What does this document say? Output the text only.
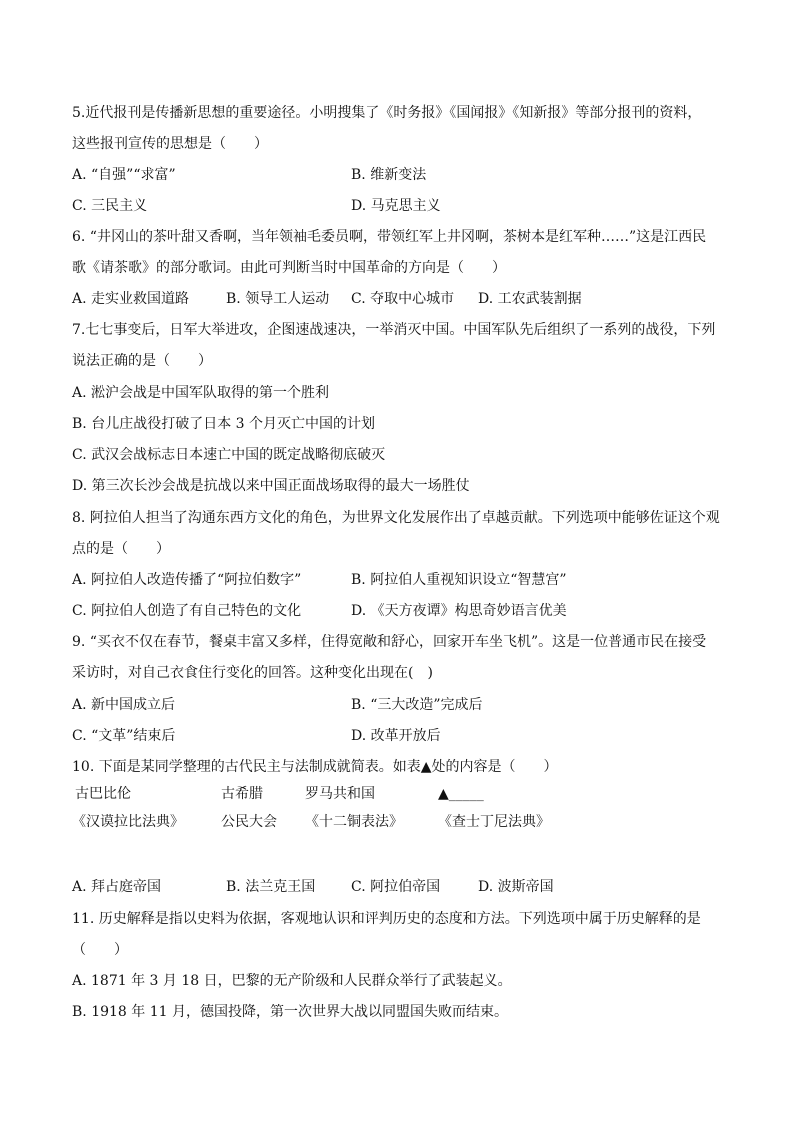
5.近代报刊是传播新思想的重要途径。小明搜集了《时务报》《国闻报》《知新报》等部分报刊的资料，
这些报刊宣传的思想是（　　）
A. “自强”“求富”	B. 维新变法
C. 三民主义	D. 马克思主义
6. “井冈山的茶叶甜又香啊，当年领袖毛委员啊，带领红军上井冈啊，茶树本是红军种……”这是江西民
歌《请茶歌》的部分歌词。由此可判断当时中国革命的方向是（　　）
A. 走实业救国道路	B. 领导工人运动 C. 夺取中心城市 D. 工农武装割据
7.七七事变后，日军大举进攻，企图速战速决，一举消灭中国。中国军队先后组织了一系列的战役，下列
说法正确的是（　　）
A. 淞沪会战是中国军队取得的第一个胜利
B. 台儿庄战役打破了日本 3 个月灭亡中国的计划
C. 武汉会战标志日本速亡中国的既定战略彻底破灭
D. 第三次长沙会战是抗战以来中国正面战场取得的最大一场胜仗
8. 阿拉伯人担当了沟通东西方文化的角色，为世界文化发展作出了卓越贡献。下列选项中能够佐证这个观
点的是（　　）
A. 阿拉伯人改造传播了“阿拉伯数字”	B. 阿拉伯人重视知识设立“智慧宫”
C. 阿拉伯人创造了有自己特色的文化	D. 《天方夜谭》构思奇妙语言优美
9. “买衣不仅在春节，餐桌丰富又多样，住得宽敞和舒心，回家开车坐飞机”。这是一位普通市民在接受
采访时，对自己衣食住行变化的回答。这种变化出现在(　)
A. 新中国成立后	B. “三大改造”完成后
C. “文革”结束后	D. 改革开放后
10. 下面是某同学整理的古代民主与法制成就简表。如表▲处的内容是（　　）
古巴比伦	古希腊	罗马共和国	▲_____
《汉谟拉比法典》	公民大会 《十二铜表法》	《查士丁尼法典》
A. 拜占庭帝国	B. 法兰克王国	C. 阿拉伯帝国	D. 波斯帝国
11. 历史解释是指以史料为依据，客观地认识和评判历史的态度和方法。下列选项中属于历史解释的是
（　　）
A. 1871 年 3 月 18 日，巴黎的无产阶级和人民群众举行了武装起义。
B. 1918 年 11 月，德国投降，第一次世界大战以同盟国失败而结束。
